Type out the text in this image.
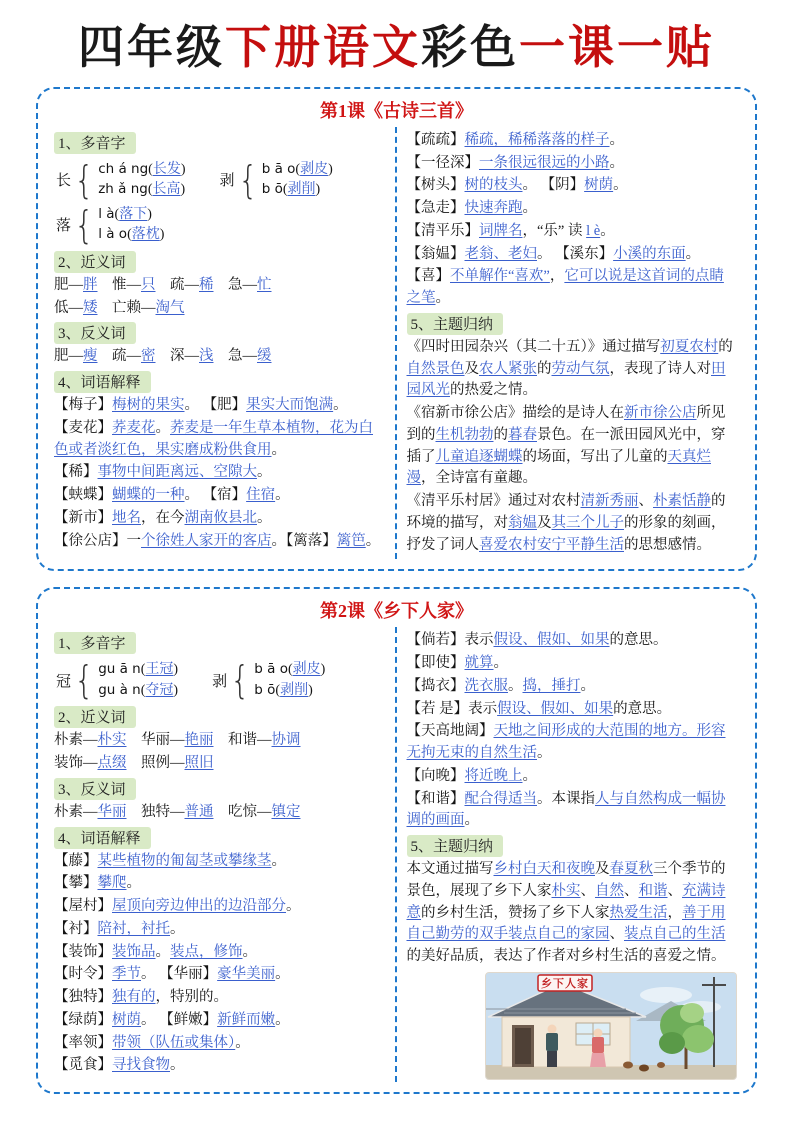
四年级下册语文彩色一课一贴
第1课《古诗三首》
1、多音字
长 { ch á ng(长发)
zh ǎ ng(长高)
剥 { b ā o(剥皮)
b ō(剥削)
落 { l à(落下)
l à o(落枕)
2、近义词
肥—胖　 惟—只　 疏—稀　 急—忙
低—矮　 亡赖—淘气
3、反义词
肥—瘦　 疏—密　 深—浅　 急—缓
4、词语解释
【梅子】梅树的果实。 【肥】果实大而饱满。
【麦花】荞麦花。荞麦是一年生草本植物，花为白色或者淡红色，果实磨成粉供食用。
【稀】事物中间距离远、空隙大。
【蛱蝶】蝴蝶的一种。 【宿】住宿。
【新市】地名，在今湖南攸县北。
【徐公店】一个徐姓人家开的客店。【篱落】篱笆。
【疏疏】稀疏，稀稀落落的样子。
【一径深】一条很远很远的小路。
【树头】树的枝头。 【阴】树荫。
【急走】快速奔跑。
【清平乐】词牌名，“乐” 读 l è。
【翁媪】老翁、老妇。 【溪东】小溪的东面。
【喜】不单解作“喜欢”，它可以说是这首词的点睛之笔。
5、主题归纳
《四时田园杂兴（其二十五）》通过描写初夏农村的自然景色及农人紧张的劳动气氛，表现了诗人对田园风光的热爱之情。
《宿新市徐公店》描绘的是诗人在新市徐公店所见到的生机勃勃的暮春景色。在一派田园风光中，穿插了儿童追逐蝴蝶的场面，写出了儿童的天真烂漫，全诗富有童趣。
《清平乐村居》通过对农村清新秀丽、朴素恬静的环境的描写，对翁媪及其三个儿子的形象的刻画，抒发了词人喜爱农村安宁平静生活的思想感情。
第2课《乡下人家》
1、多音字
冠 { gu ā n(王冠)
gu à n(夺冠)
剥 { b ā o(剥皮)
b ō(剥削)
2、近义词
朴素—朴实　 华丽—艳丽　 和谐—协调
装饰—点缀　 照例—照旧
3、反义词
朴素—华丽　 独特—普通　 吃惊—镇定
4、词语解释
【藤】某些植物的匍匐茎或攀缘茎。
【攀】攀爬。
【屋村】屋顶向旁边伸出的边沿部分。
【衬】陪衬，衬托。
【装饰】装饰品。装点，修饰。
【时令】季节。 【华丽】豪华美丽。
【独特】独有的，特别的。
【绿荫】树荫。 【鲜嫩】新鲜而嫩。
【率领】带领（队伍或集体）。
【觅食】寻找食物。
【倘若】表示假设、假如、如果的意思。
【即使】就算。
【捣衣】洗衣服。捣，捶打。
【若 是】表示假设、假如、如果的意思。
【天高地阔】天地之间形成的大范围的地方。形容无拘无束的自然生活。
【向晚】将近晚上。
【和谐】配合得适当。本课指人与自然构成一幅协调的画面。
5、主题归纳
本文通过描写乡村白天和夜晚及春夏秋三个季节的景色，展现了乡下人家朴实、自然、和谐、充满诗意的乡村生活，赞扬了乡下人家热爱生活，善于用自己勤劳的双手装点自己的家园、装点自己的生活的美好品质，表达了作者对乡村生活的喜爱之情。
乡下人家
